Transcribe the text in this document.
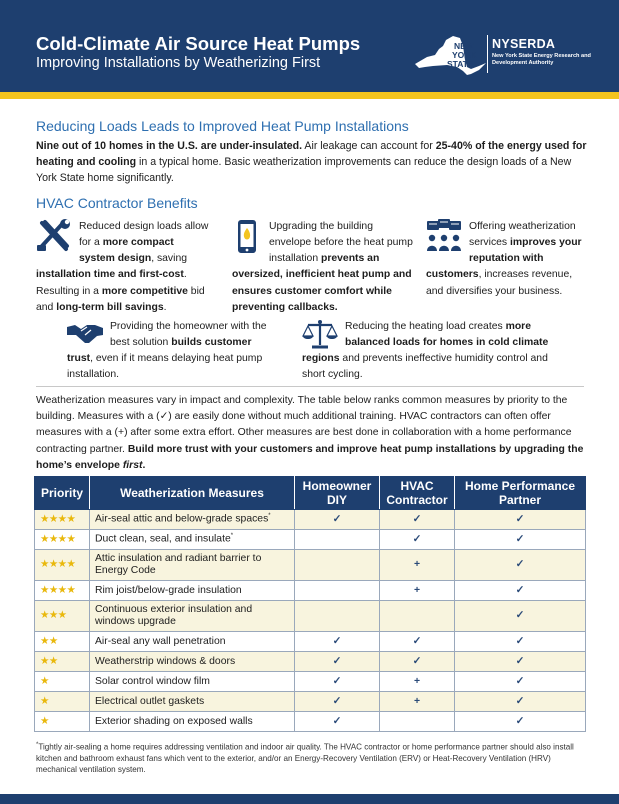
Cold-Climate Air Source Heat Pumps
Improving Installations by Weatherizing First
NEW
YORK
STATE
NYSERDA
New York State Energy Research and Development Authority
Reducing Loads Leads to Improved Heat Pump Installations
Nine out of 10 homes in the U.S. are under-insulated. Air leakage can account for 25-40% of the energy used for heating and cooling in a typical home. Basic weatherization improvements can reduce the design loads of a New York State home significantly.
HVAC Contractor Benefits
Reduced design loads allow for a more compact system design, saving installation time and first-cost. Resulting in a more competitive bid and long-term bill savings.
Upgrading the building envelope before the heat pump installation prevents an oversized, inefficient heat pump and ensures customer comfort while preventing callbacks.
Offering weatherization services improves your reputation with customers, increases revenue, and diversifies your business.
Providing the homeowner with the best solution builds customer trust, even if it means delaying heat pump installation.
Reducing the heating load creates more balanced loads for homes in cold climate regions and prevents ineffective humidity control and short cycling.
Weatherization measures vary in impact and complexity. The table below ranks common measures by priority to the building. Measures with a (✓) are easily done without much additional training. HVAC contractors can often offer measures with a (+) after some extra effort. Other measures are best done in collaboration with a home performance contracting partner. Build more trust with your customers and improve heat pump installations by upgrading the home’s envelope first.
Priority	Weatherization Measures	Homeowner DIY	HVAC Contractor	Home Performance Partner
★★★★	Air-seal attic and below-grade spaces*	✓	✓	✓
★★★★	Duct clean, seal, and insulate*		✓	✓
★★★★	Attic insulation and radiant barrier to Energy Code		+	✓
★★★★	Rim joist/below-grade insulation		+	✓
★★★	Continuous exterior insulation and windows upgrade			✓
★★	Air-seal any wall penetration	✓	✓	✓
★★	Weatherstrip windows & doors	✓	✓	✓
★	Solar control window film	✓	+	✓
★	Electrical outlet gaskets	✓	+	✓
★	Exterior shading on exposed walls	✓		✓
*Tightly air-sealing a home requires addressing ventilation and indoor air quality. The HVAC contractor or home performance partner should also install kitchen and bathroom exhaust fans which vent to the exterior, and/or an Energy-Recovery Ventilation (ERV) or Heat-Recovery Ventilation (HRV) mechanical ventilation system.
